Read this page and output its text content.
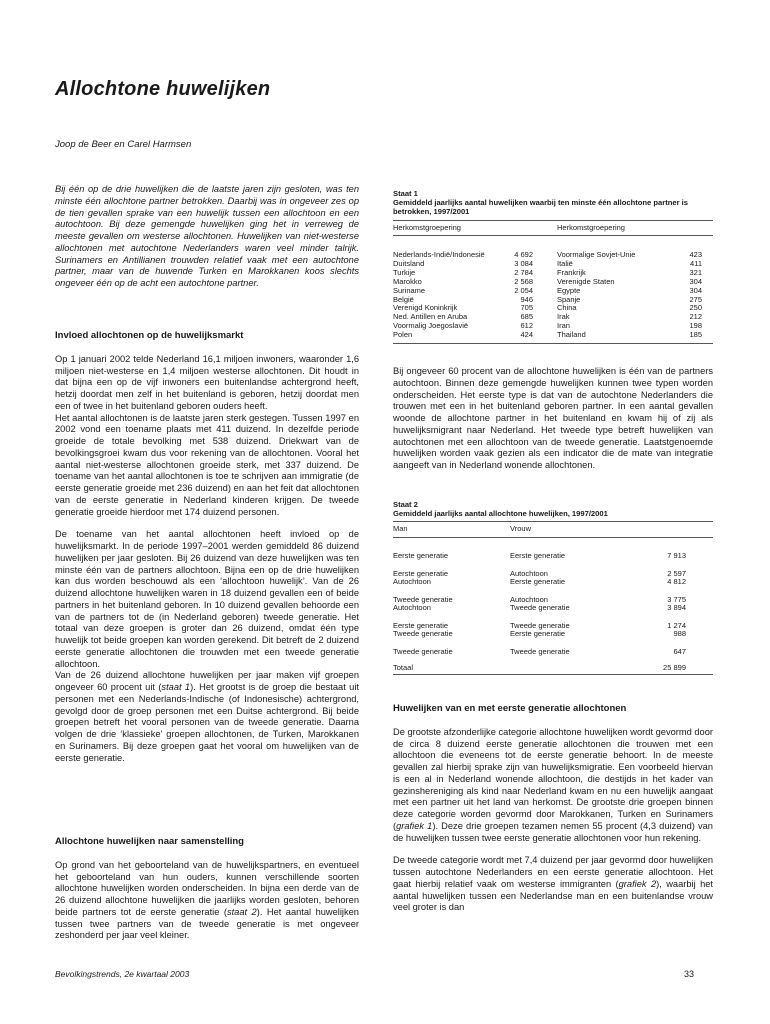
Allochtone huwelijken
Joop de Beer en Carel Harmsen
Bij één op de drie huwelijken die de laatste jaren zijn gesloten, was ten minste één allochtone partner betrokken. Daarbij was in ongeveer zes op de tien gevallen sprake van een huwelijk tussen een allochtoon en een autochtoon. Bij deze gemengde huwelijken ging het in verreweg de meeste gevallen om westerse allochtonen. Huwelijken van niet-westerse allochtonen met autochtone Nederlanders waren veel minder talrijk. Surinamers en Antillianen trouwden relatief vaak met een autochtone partner, maar van de huwende Turken en Marokkanen koos slechts ongeveer één op de acht een autochtone partner.
Invloed allochtonen op de huwelijksmarkt

Op 1 januari 2002 telde Nederland 16,1 miljoen inwoners, waaronder 1,6 miljoen niet-westerse en 1,4 miljoen westerse allochtonen. Dit houdt in dat bijna een op de vijf inwoners een buitenlandse achtergrond heeft, hetzij doordat men zelf in het buitenland is geboren, hetzij doordat men een of twee in het buitenland geboren ouders heeft.

Het aantal allochtonen is de laatste jaren sterk gestegen. Tussen 1997 en 2002 vond een toename plaats met 411 duizend. In dezelfde periode groeide de totale bevolking met 538 duizend. Driekwart van de bevolkingsgroei kwam dus voor rekening van de allochtonen. Vooral het aantal niet-westerse allochtonen groeide sterk, met 337 duizend. De toename van het aantal allochtonen is toe te schrijven aan immigratie (de eerste generatie groeide met 236 duizend) en aan het feit dat allochtonen van de eerste generatie in Nederland kinderen krijgen. De tweede generatie groeide hierdoor met 174 duizend personen.

De toename van het aantal allochtonen heeft invloed op de huwelijksmarkt. In de periode 1997–2001 werden gemiddeld 86 duizend huwelijken per jaar gesloten. Bij 26 duizend van deze huwelijken was ten minste één van de partners allochtoon. Bijna een op de drie huwelijken kan dus worden beschouwd als een ‘allochtoon huwelijk’. Van de 26 duizend allochtone huwelijken waren in 18 duizend gevallen een of beide partners in het buitenland geboren. In 10 duizend gevallen behoorde een van de partners tot de (in Nederland geboren) tweede generatie. Het totaal van deze groepen is groter dan 26 duizend, omdat één type huwelijk tot beide groepen kan worden gerekend. Dit betreft de 2 duizend eerste generatie allochtonen die trouwden met een tweede generatie allochtoon.

Van de 26 duizend allochtone huwelijken per jaar maken vijf groepen ongeveer 60 procent uit (staat 1). Het grootst is de groep die bestaat uit personen met een Nederlands-Indische (of Indonesische) achtergrond, gevolgd door de groep personen met een Duitse achtergrond. Bij beide groepen betreft het vooral personen van de tweede generatie. Daarna volgen de drie ‘klassieke’ groepen allochtonen, de Turken, Marokkanen en Surinamers. Bij deze groepen gaat het vooral om huwelijken van de eerste generatie.

Allochtone huwelijken naar samenstelling

Op grond van het geboorteland van de huwelijkspartners, en eventueel het geboorteland van hun ouders, kunnen verschillende soorten allochtone huwelijken worden onderscheiden. In bijna een derde van de 26 duizend allochtone huwelijken die jaarlijks worden gesloten, behoren beide partners tot de eerste generatie (staat 2). Het aantal huwelijken tussen twee partners van de tweede generatie is met ongeveer zeshonderd per jaar veel kleiner.

Staat 1
Gemiddeld jaarlijks aantal huwelijken waarbij ten minste één allochtone partner is betrokken, 1997/2001
Herkomstgroepering	Herkomstgroepering
Nederlands-Indië/Indonesië	4 692
Duitsland	3 084
Turkije	2 784
Marokko	2 568
Suriname	2 054
België	946
Verenigd Koninkrijk	705
Ned. Antillen en Aruba	685
Voormalig Joegoslavië	612
Polen	424
Voormalige Sovjet-Unie	423
Italië	411
Frankrijk	321
Verenigde Staten	304
Egypte	304
Spanje	275
China	250
Irak	212
Iran	198
Thailand	185
Bij ongeveer 60 procent van de allochtone huwelijken is één van de partners autochtoon. Binnen deze gemengde huwelijken kunnen twee typen worden onderscheiden. Het eerste type is dat van de autochtone Nederlanders die trouwen met een in het buitenland geboren partner. In een aantal gevallen woonde de allochtone partner in het buitenland en kwam hij of zij als huwelijksmigrant naar Nederland. Het tweede type betreft huwelijken van autochtonen met een allochtoon van de tweede generatie. Laatstgenoemde huwelijken worden vaak gezien als een indicator die de mate van integratie aangeeft van in Nederland wonende allochtonen.
Staat 2
Gemiddeld jaarlijks aantal allochtone huwelijken, 1997/2001
Man	Vrouw
Eerste generatie	Eerste generatie	7 913
Eerste generatie	Autochtoon	2 597
Autochtoon	Eerste generatie	4 812
Tweede generatie	Autochtoon	3 775
Autochtoon	Tweede generatie	3 894
Eerste generatie	Tweede generatie	1 274
Tweede generatie	Eerste generatie	988
Tweede generatie	Tweede generatie	647
Totaal	25 899
Huwelijken van en met eerste generatie allochtonen

De grootste afzonderlijke categorie allochtone huwelijken wordt gevormd door de circa 8 duizend eerste generatie allochtonen die trouwen met een allochtoon die eveneens tot de eerste generatie behoort. In de meeste gevallen zal hierbij sprake zijn van huwelijksmigratie. Een voorbeeld hiervan is een al in Nederland wonende allochtoon, die destijds in het kader van gezinshereniging als kind naar Nederland kwam en nu een huwelijk aangaat met een partner uit het land van herkomst. De grootste drie groepen binnen deze categorie worden gevormd door Marokkanen, Turken en Surinamers (grafiek 1). Deze drie groepen tezamen nemen 55 procent (4,3 duizend) van de huwelijken tussen twee eerste generatie allochtonen voor hun rekening.

De tweede categorie wordt met 7,4 duizend per jaar gevormd door huwelijken tussen autochtone Nederlanders en een eerste generatie allochtoon. Het gaat hierbij relatief vaak om westerse immigranten (grafiek 2), waarbij het aantal huwelijken tussen een Nederlandse man en een buitenlandse vrouw veel groter is dan

Bevolkingstrends, 2e kwartaal 2003	33
